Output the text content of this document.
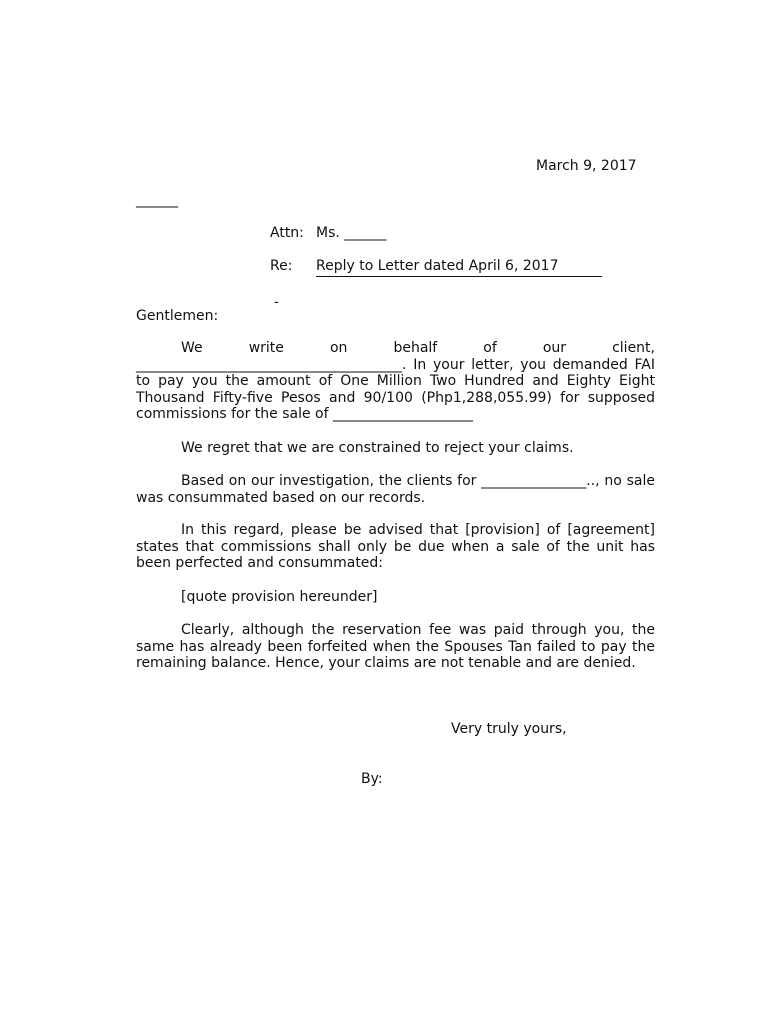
March 9, 2017
______
Attn: Ms. ______
Re: Reply to Letter dated April 6, 2017
-
Gentlemen:

We write on behalf of our client, ______________________________________. In your letter, you demanded FAI to pay you the amount of One Million Two Hundred and Eighty Eight Thousand Fifty-five Pesos and 90/100 (Php1,288,055.99) for supposed commissions for the sale of ____________________

We regret that we are constrained to reject your claims.

Based on our investigation, the clients for _______________.., no sale was consummated based on our records.

In this regard, please be advised that [provision] of [agreement] states that commissions shall only be due when a sale of the unit has been perfected and consummated:

[quote provision hereunder]

Clearly, although the reservation fee was paid through you, the same has already been forfeited when the Spouses Tan failed to pay the remaining balance. Hence, your claims are not tenable and are denied.

Very truly yours,
By:
